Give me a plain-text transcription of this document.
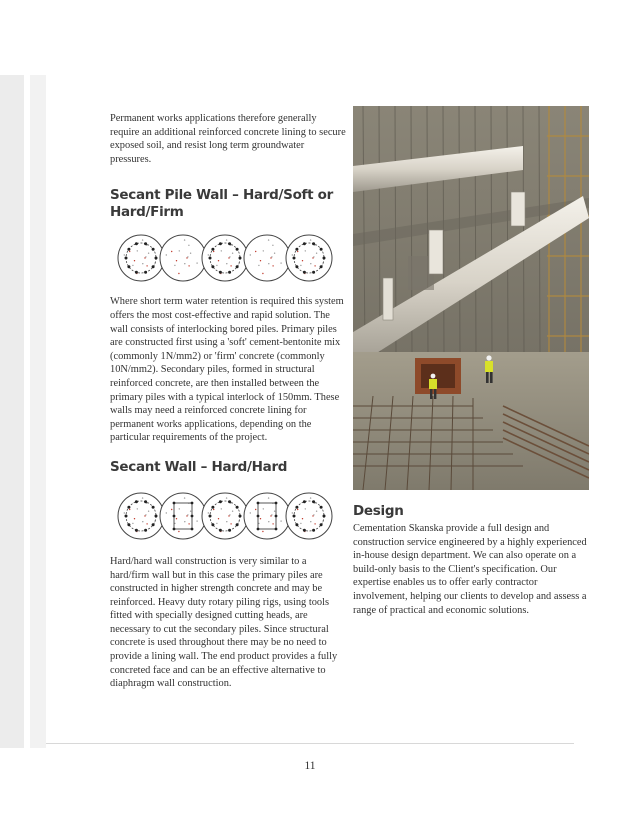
Permanent works applications therefore generally require an additional reinforced concrete lining to secure exposed soil, and resist long term groundwater pressures.

Secant Pile Wall – Hard/Soft or Hard/Firm

Where short term water retention is required this system offers the most cost-effective and rapid solution. The wall consists of interlocking bored piles. Primary piles are constructed first using a 'soft' cement-bentonite mix (commonly 1N/mm2) or 'firm' concrete (commonly 10N/mm2). Secondary piles, formed in structural reinforced concrete, are then installed between the primary piles with a typical interlock of 150mm. These walls may need a reinforced concrete lining for permanent works applications, depending on the particular requirements of the project.

Secant Wall – Hard/Hard

Hard/hard wall construction is very similar to a hard/firm wall but in this case the primary piles are constructed in higher strength concrete and may be reinforced. Heavy duty rotary piling rigs, using tools fitted with specially designed cutting heads, are necessary to cut the secondary piles. Since structural concrete is used throughout there may be no need to provide a lining wall. The end product provides a fully concreted face and can be an effective alternative to diaphragm wall construction.

Design

Cementation Skanska provide a full design and construction service engineered by a highly experienced in-house design department. We can also operate on a build-only basis to the Client's specification. Our expertise enables us to offer early contractor involvement, helping our clients to develop and assess a range of practical and economic solutions.

11
